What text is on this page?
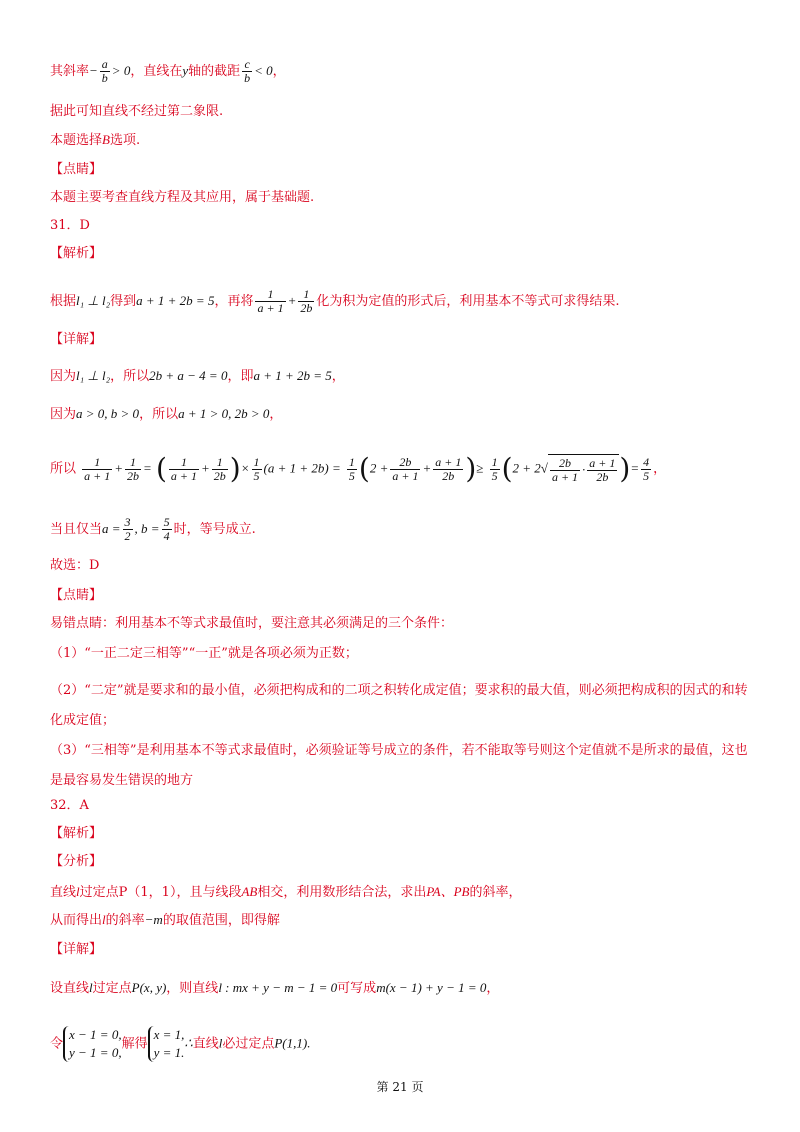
其斜率− $\frac{a}{b} > 0$，直线在y轴的截距 $\frac{c}{b} < 0$，
据此可知直线不经过第二象限.
本题选择B选项.
【点睛】
本题主要考查直线方程及其应用，属于基础题.
31．D
【解析】
根据l₁ ⊥ l₂得到a + 1 + 2b = 5，再将 $\frac{1}{a + 1} + \frac{1}{2b}$ 化为积为定值的形式后，利用基本不等式可求得结果.
【详解】
因为l₁ ⊥ l₂，所以2b + a − 4 = 0，即a + 1 + 2b = 5，
因为a > 0, b > 0，所以a + 1 > 0, 2b > 0，
所以 $\frac{1}{a + 1} + \frac{1}{2b}$ = ( $\frac{1}{a + 1} + \frac{1}{2b}$ )× $\frac{1}{5} (a + 1 + 2b) = \frac{1}{5} (2 + \frac{2b}{a + 1} + \frac{a + 1}{2b}$ )≥ $\frac{1}{5} (2 + 2√ \frac{2b}{a + 1} \cdot \frac{a + 1}{2b}$ )= $\frac{4}{5}$ ，
当且仅当$a = \frac{3}{2}$ , $b = \frac{5}{4}$ 时，等号成立.
故选：D
【点睛】
易错点睛：利用基本不等式求最值时，要注意其必须满足的三个条件：
（1）“一正二定三相等”“一正”就是各项必须为正数；
（2）“二定”就是要求和的最小值，必须把构成和的二项之积转化成定值；要求积的最大值，则必须把构成积的因式的和转化成定值；
（3）“三相等”是利用基本不等式求最值时，必须验证等号成立的条件，若不能取等号则这个定值就不是所求的最值，这也是最容易发生错误的地方
32．A
【解析】
【分析】
直线l过定点P（1，1），且与线段AB相交，利用数形结合法，求出PA、PB的斜率，
从而得出l的斜率−m的取值范围，即得解
【详解】
设直线l过定点P(x, y)，则直线l : mx + y − m − 1 = 0可写成m(x − 1) + y − 1 = 0，
令
x − 1 = 0,
y − 1 = 0,
解得
x = 1,
y = 1.
∴直线l必过定点P(1,1).
第 21 页
